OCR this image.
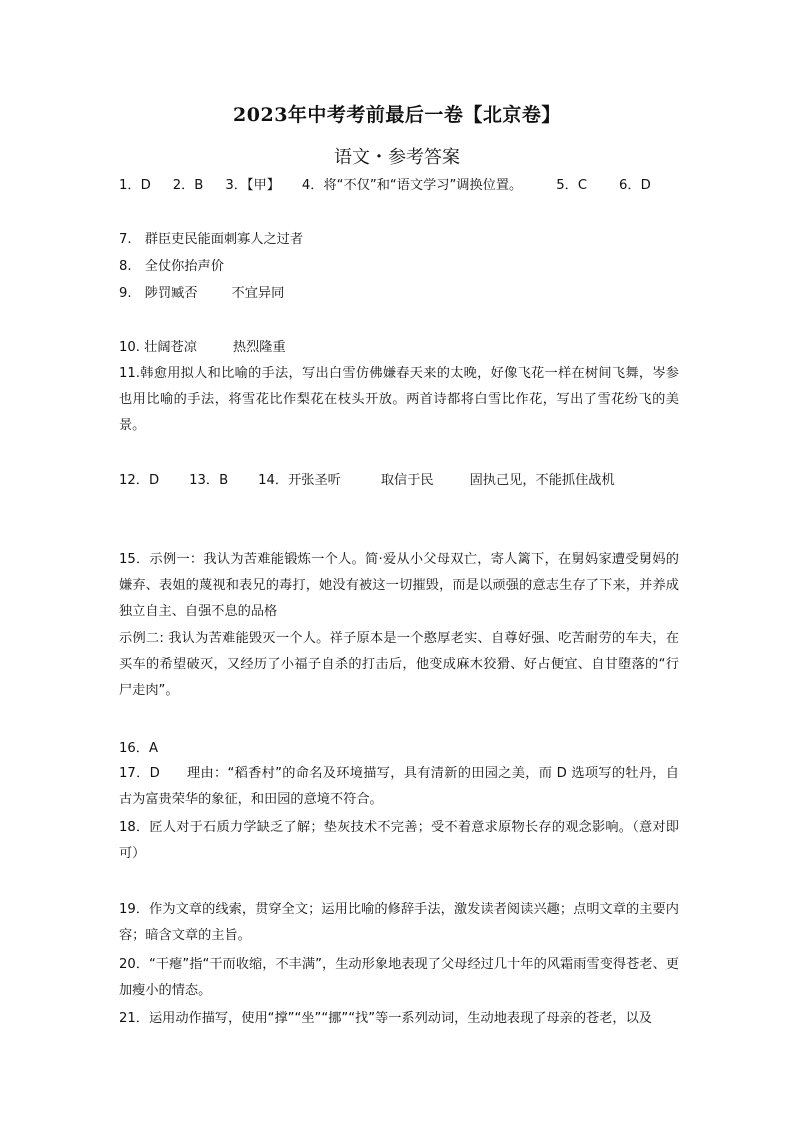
2023年中考考前最后一卷【北京卷】
语文・参考答案
1．D 2．B 3．【甲】 4．将“不仅”和“语文学习”调换位置。	5．C 6．D
7.　群臣吏民能面刺寡人之过者
8.　全仗你抬声价
9.　陟罚臧否	不宜异同
10. 壮阔苍凉	热烈隆重
11.韩愈用拟人和比喻的手法，写出白雪仿佛嫌春天来的太晚，好像飞花一样在树间飞舞，岑参也用比喻的手法，将雪花比作梨花在枝头开放。两首诗都将白雪比作花，写出了雪花纷飞的美景。
12．D 13．B 14．开张圣听	取信于民	固执己见，不能抓住战机
15．示例一：我认为苦难能锻炼一个人。简·爱从小父母双亡，寄人篱下，在舅妈家遭受舅妈的嫌弃、表姐的蔑视和表兄的毒打，她没有被这一切摧毁，而是以顽强的意志生存了下来，并养成独立自主、自强不息的品格
示例二: 我认为苦难能毁灭一个人。祥子原本是一个憨厚老实、自尊好强、吃苦耐劳的车夫，在买车的希望破灭，又经历了小福子自杀的打击后，他变成麻木狡猾、好占便宜、自甘堕落的“行尸走肉”。
16．A
17．D　　理由：“稻香村”的命名及环境描写，具有清新的田园之美，而 D 选项写的牡丹，自古为富贵荣华的象征，和田园的意境不符合。
18．匠人对于石质力学缺乏了解；垫灰技术不完善；受不着意求原物长存的观念影响。（意对即可）
19．作为文章的线索，贯穿全文；运用比喻的修辞手法，激发读者阅读兴趣；点明文章的主要内容；暗含文章的主旨。
20．“干瘪”指“干而收缩，不丰满”，生动形象地表现了父母经过几十年的风霜雨雪变得苍老、更加瘦小的情态。
21．运用动作描写，使用“撑”“坐”“挪”“找”等一系列动词，生动地表现了母亲的苍老，以及
